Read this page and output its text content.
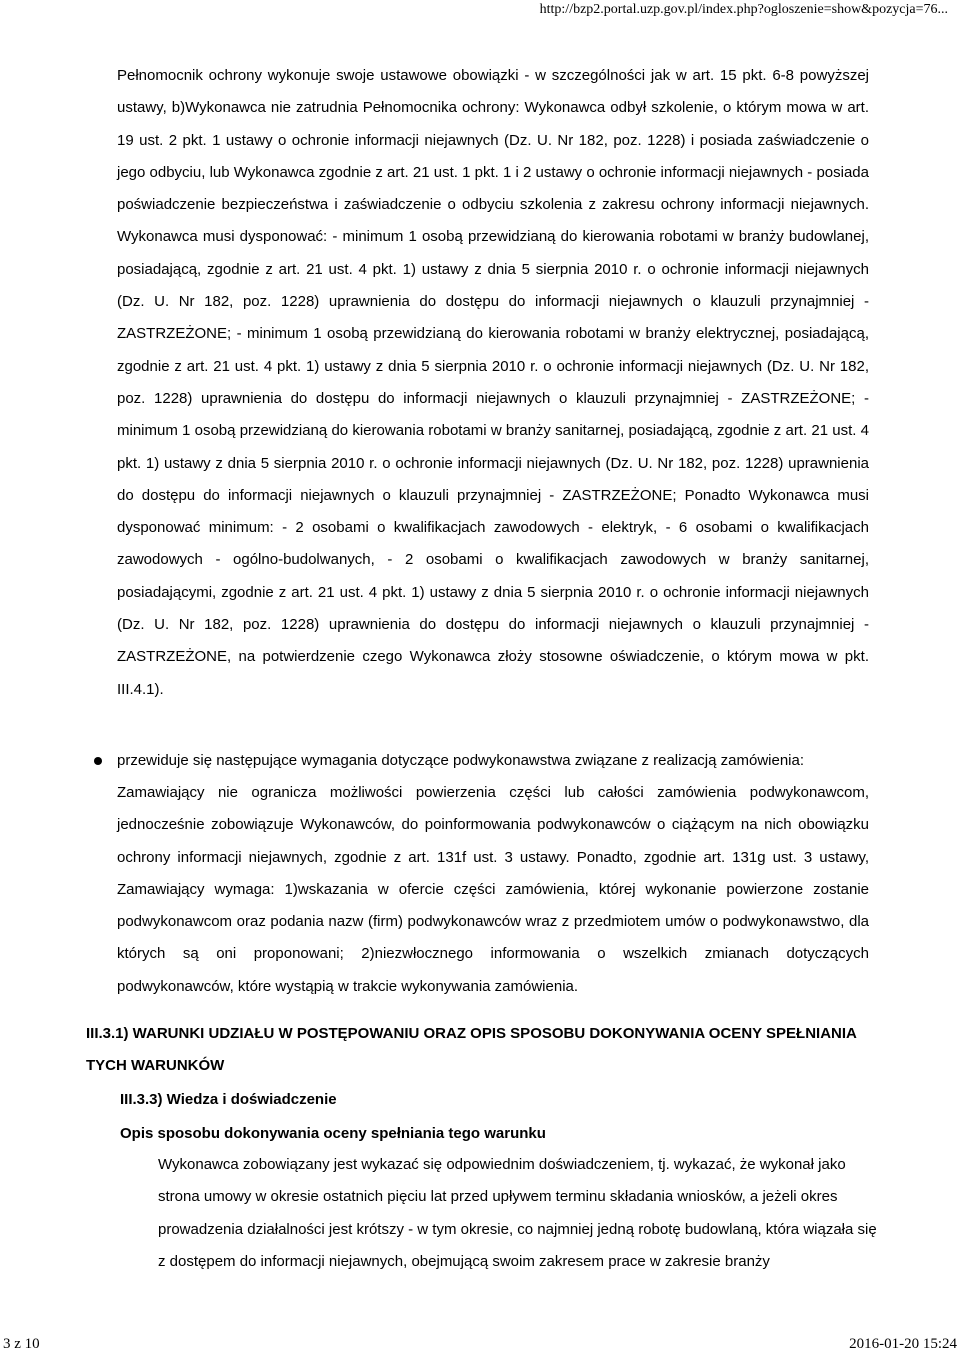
http://bzp2.portal.uzp.gov.pl/index.php?ogloszenie=show&pozycja=76...

Pełnomocnik ochrony wykonuje swoje ustawowe obowiązki - w szczególności jak w art. 15 pkt. 6-8 powyższej ustawy, b)Wykonawca nie zatrudnia Pełnomocnika ochrony: Wykonawca odbył szkolenie, o którym mowa w art. 19 ust. 2 pkt. 1 ustawy o ochronie informacji niejawnych (Dz. U. Nr 182, poz. 1228) i posiada zaświadczenie o jego odbyciu, lub Wykonawca zgodnie z art. 21 ust. 1 pkt. 1 i 2 ustawy o ochronie informacji niejawnych - posiada poświadczenie bezpieczeństwa i zaświadczenie o odbyciu szkolenia z zakresu ochrony informacji niejawnych. Wykonawca musi dysponować: - minimum 1 osobą przewidzianą do kierowania robotami w branży budowlanej, posiadającą, zgodnie z art. 21 ust. 4 pkt. 1) ustawy z dnia 5 sierpnia 2010 r. o ochronie informacji niejawnych (Dz. U. Nr 182, poz. 1228) uprawnienia do dostępu do informacji niejawnych o klauzuli przynajmniej - ZASTRZEŻONE; - minimum 1 osobą przewidzianą do kierowania robotami w branży elektrycznej, posiadającą, zgodnie z art. 21 ust. 4 pkt. 1) ustawy z dnia 5 sierpnia 2010 r. o ochronie informacji niejawnych (Dz. U. Nr 182, poz. 1228) uprawnienia do dostępu do informacji niejawnych o klauzuli przynajmniej - ZASTRZEŻONE; - minimum 1 osobą przewidzianą do kierowania robotami w branży sanitarnej, posiadającą, zgodnie z art. 21 ust. 4 pkt. 1) ustawy z dnia 5 sierpnia 2010 r. o ochronie informacji niejawnych (Dz. U. Nr 182, poz. 1228) uprawnienia do dostępu do informacji niejawnych o klauzuli przynajmniej - ZASTRZEŻONE; Ponadto Wykonawca musi dysponować minimum: - 2 osobami o kwalifikacjach zawodowych - elektryk, - 6 osobami o kwalifikacjach zawodowych - ogólno-budolwanych, - 2 osobami o kwalifikacjach zawodowych w branży sanitarnej, posiadającymi, zgodnie z art. 21 ust. 4 pkt. 1) ustawy z dnia 5 sierpnia 2010 r. o ochronie informacji niejawnych (Dz. U. Nr 182, poz. 1228) uprawnienia do dostępu do informacji niejawnych o klauzuli przynajmniej - ZASTRZEŻONE, na potwierdzenie czego Wykonawca złoży stosowne oświadczenie, o którym mowa w pkt. III.4.1).

przewiduje się następujące wymagania dotyczące podwykonawstwa związane z realizacją zamówienia:

Zamawiający nie ogranicza możliwości powierzenia części lub całości zamówienia podwykonawcom, jednocześnie zobowiązuje Wykonawców, do poinformowania podwykonawców o ciążącym na nich obowiązku ochrony informacji niejawnych, zgodnie z art. 131f ust. 3 ustawy. Ponadto, zgodnie art. 131g ust. 3 ustawy, Zamawiający wymaga: 1)wskazania w ofercie części zamówienia, której wykonanie powierzone zostanie podwykonawcom oraz podania nazw (firm) podwykonawców wraz z przedmiotem umów o podwykonawstwo, dla których są oni proponowani; 2)niezwłocznego informowania o wszelkich zmianach dotyczących podwykonawców, które wystąpią w trakcie wykonywania zamówienia.

III.3.1) WARUNKI UDZIAŁU W POSTĘPOWANIU ORAZ OPIS SPOSOBU DOKONYWANIA OCENY SPEŁNIANIA TYCH WARUNKÓW

III.3.3) Wiedza i doświadczenie
Opis sposobu dokonywania oceny spełniania tego warunku

Wykonawca zobowiązany jest wykazać się odpowiednim doświadczeniem, tj. wykazać, że wykonał jako strona umowy w okresie ostatnich pięciu lat przed upływem terminu składania wniosków, a jeżeli okres prowadzenia działalności jest krótszy - w tym okresie, co najmniej jedną robotę budowlaną, która wiązała się z dostępem do informacji niejawnych, obejmującą swoim zakresem prace w zakresie branży

3 z 10	2016-01-20 15:24
